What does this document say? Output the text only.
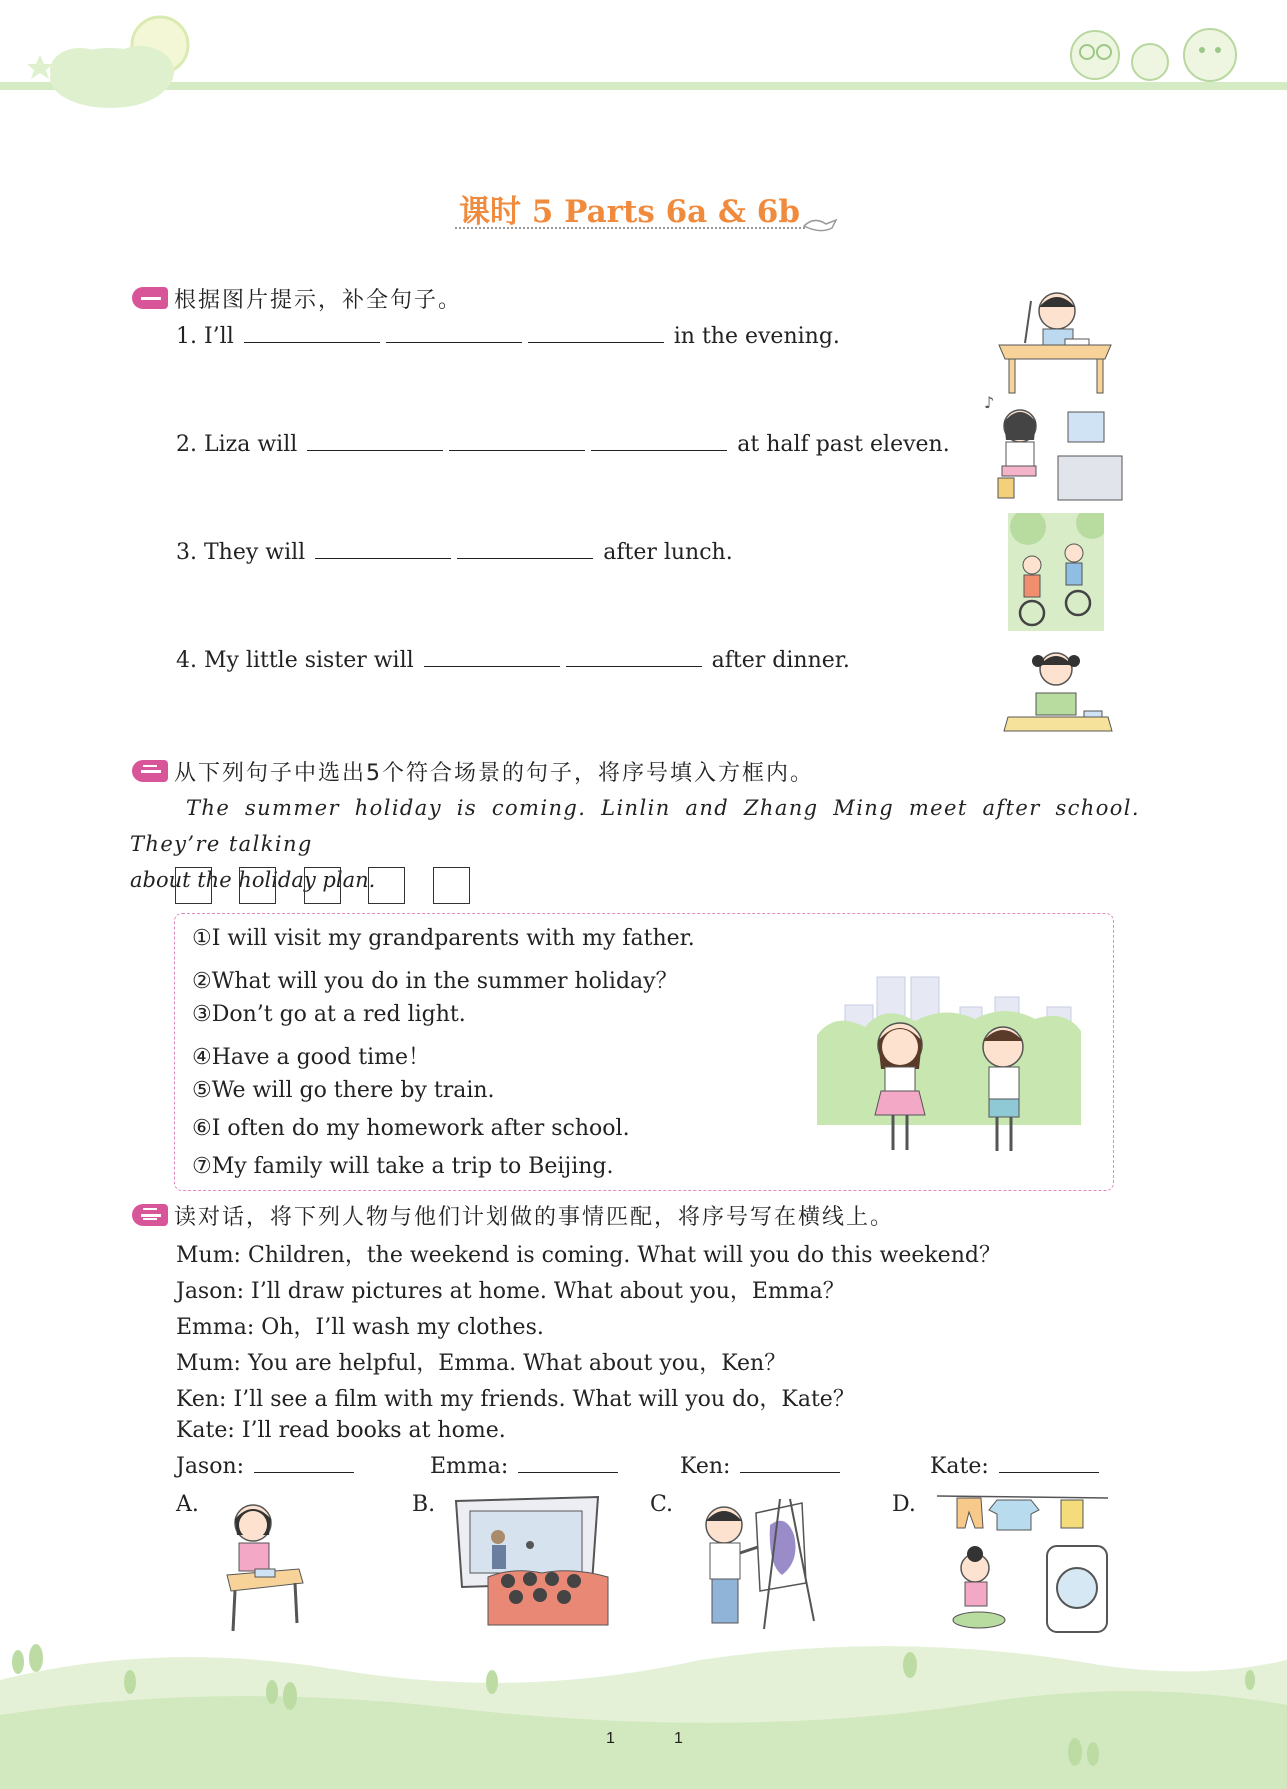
课时 5 Parts 6a & 6b
根据图片提示，补全句子。
1. I’ll	in the evening.
2. Liza will	at half past eleven.
3. They will	after lunch.
4. My little sister will	after dinner.
♪
从下列句子中选出5个符合场景的句子，将序号填入方框内。
The summer holiday is coming. Linlin and Zhang Ming meet after school. They’re talking
about the holiday plan.
①I will visit my grandparents with my father.
②What will you do in the summer holiday？
③Don’t go at a red light.
④Have a good time！
⑤We will go there by train.
⑥I often do my homework after school.
⑦My family will take a trip to Beijing.
读对话，将下列人物与他们计划做的事情匹配，将序号写在横线上。
Mum: Children，the weekend is coming. What will you do this weekend？
Jason: I’ll draw pictures at home. What about you，Emma？
Emma: Oh，I’ll wash my clothes.
Mum: You are helpful，Emma. What about you，Ken？
Ken: I’ll see a film with my friends. What will you do，Kate？
Kate: I’ll read books at home.
Jason:	Emma:	Ken:	Kate:
A.	B.	C.	D.
1	1
